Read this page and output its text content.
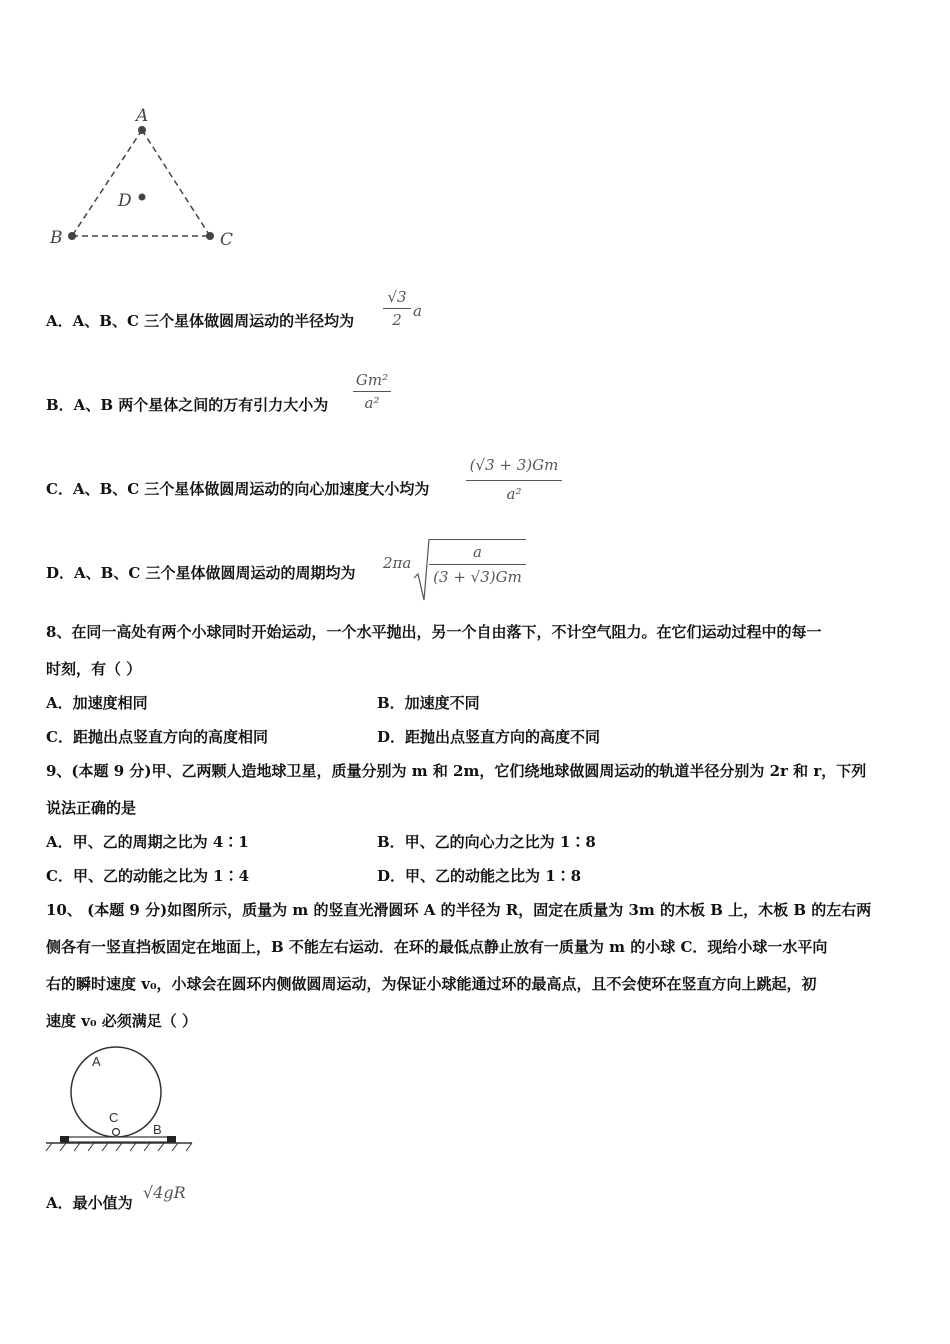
A
B	C
D
A．A、B、C 三个星体做圆周运动的半径均为 $\frac{√3}{2}$ a
B．A、B 两个星体之间的万有引力大小为 $\frac{\text{Gm²}}{\text{a²}}$
C．A、B、C 三个星体做圆周运动的向心加速度大小均为 $\frac{(√3 + 3)Gm}{\text{a²}}$
D．A、B、C 三个星体做圆周运动的周期均为
$2\pi a \frac{a}{(3 + √3)Gm}$
8、在同一高处有两个小球同时开始运动，一个水平抛出，另一个自由落下，不计空气阻力。在它们运动过程中的每一
时刻，有（ ）
A．加速度相同	B．加速度不同
C．距抛出点竖直方向的高度相同	D．距抛出点竖直方向的高度不同
9、(本题 9 分)甲、乙两颗人造地球卫星，质量分别为 m 和 2m，它们绕地球做圆周运动的轨道半径分别为 2r 和 r，下列
说法正确的是
A．甲、乙的周期之比为 4∶1	B．甲、乙的向心力之比为 1∶8
C．甲、乙的动能之比为 1∶4	D．甲、乙的动能之比为 1∶8
10、 (本题 9 分)如图所示，质量为 m 的竖直光滑圆环 A 的半径为 R，固定在质量为 3m 的木板 B 上，木板 B 的左右两
侧各有一竖直挡板固定在地面上，B 不能左右运动．在环的最低点静止放有一质量为 m 的小球 C．现给小球一水平向
右的瞬时速度 v₀，小球会在圆环内侧做圆周运动，为保证小球能通过环的最高点，且不会使环在竖直方向上跳起，初
速度 v₀ 必须满足（ ）
A
C
B
A．最小值为
√4gR
